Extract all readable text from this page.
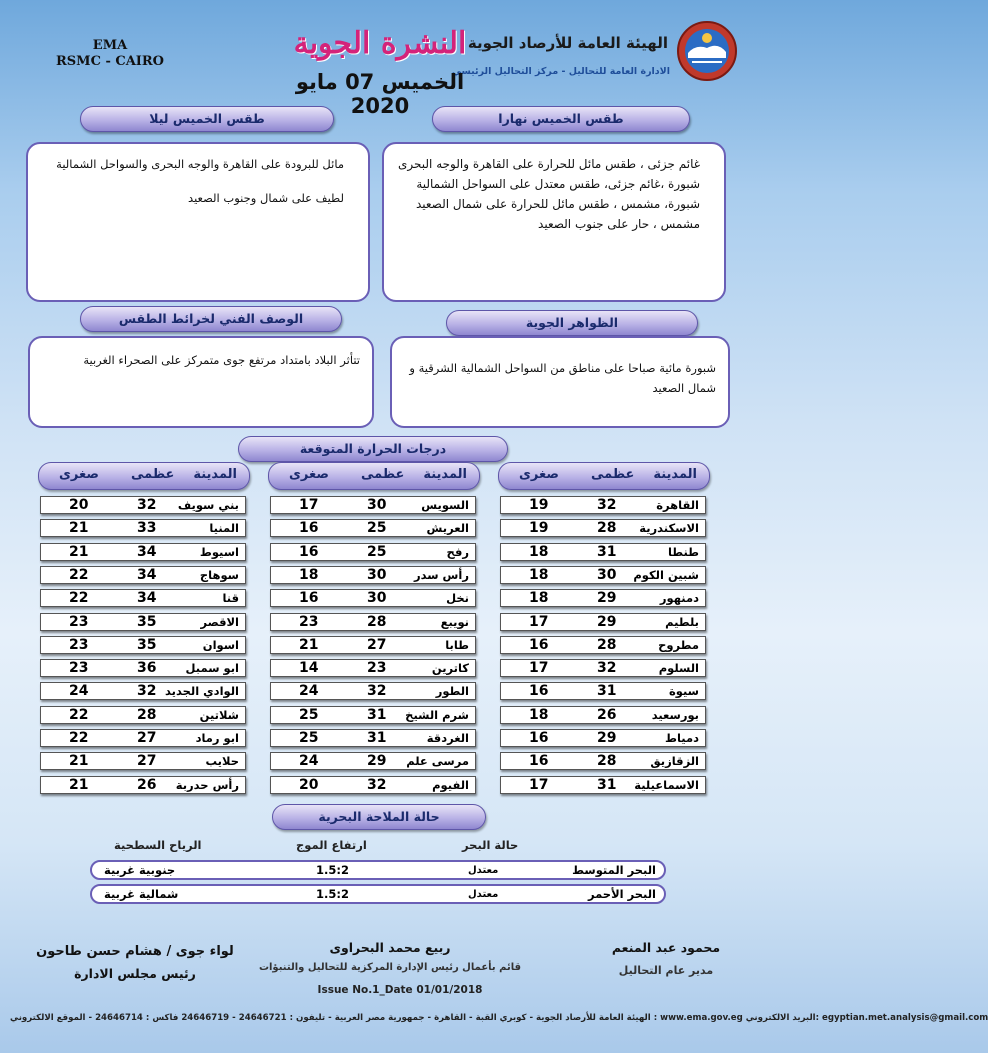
EMA
RSMC - CAIRO
الهيئة العامة للأرصاد الجوية
الادارة العامة للتحاليل - مركز التحاليل الرئيسي
النشرة الجوية
الخميس 07 مايو 2020
طقس الخميس نهارا
طقس الخميس ليلا
غائم جزئى ، طقس مائل للحرارة على القاهرة والوجه البحرى
شبورة ،غائم جزئى، طقس معتدل على السواحل الشمالية
شبورة، مشمس ، طقس مائل للحرارة على شمال الصعيد
مشمس ، حار على جنوب الصعيد
مائل للبرودة على القاهرة والوجه البحرى والسواحل الشمالية
لطيف على شمال وجنوب الصعيد
الظواهر الجوية
الوصف الفني لخرائط الطقس
شبورة مائية صباحا على مناطق من السواحل الشمالية الشرقية و شمال الصعيد
تتأثر البلاد بامتداد مرتفع جوى متمركز على الصحراء الغربية
درجات الحرارة المتوقعة
المدينة
عظمى
صغرى
القاهرة
32
19
الاسكندرية
28
19
طنطا
31
18
شبين الكوم
30
18
دمنهور
29
18
بلطيم
29
17
مطروح
28
16
السلوم
32
17
سيوة
31
16
بورسعيد
26
18
دمياط
29
16
الزقازيق
28
16
الاسماعيلية
31
17
المدينة
عظمى
صغرى
السويس
30
17
العريش
25
16
رفح
25
16
رأس سدر
30
18
نخل
30
16
نويبع
28
23
طابا
27
21
كاترين
23
14
الطور
32
24
شرم الشيخ
31
25
الغردقة
31
25
مرسى علم
29
24
الفيوم
32
20
المدينة
عظمى
صغرى
بني سويف
32
20
المنيا
33
21
اسيوط
34
21
سوهاج
34
22
قنا
34
22
الاقصر
35
23
اسوان
35
23
ابو سمبل
36
23
الوادي الجديد
32
24
شلاتين
28
22
ابو رماد
27
22
حلايب
27
21
رأس حدربة
26
21
حالة الملاحة البحرية
حالة البحر
ارتفاع الموج
الرياح السطحية
البحر المتوسط
معتدل
1.5:2
جنوبية غربية
البحر الأحمر
معتدل
1.5:2
شمالية غربية
محمود عبد المنعم
مدير عام التحاليل
ربيع محمد البحراوى
قائم بأعمال رئيس الإدارة المركزية للتحاليل والتنبؤات
لواء جوى / هشام حسن طاحون
رئيس مجلس الادارة
Issue No.1_Date 01/01/2018
الهيئة العامة للأرصاد الجوية - كوبري القبة - القاهرة - جمهورية مصر العربية - تليفون : 24646721 - 24646719 فاكس : 24646714 - الموقع الالكتروني : www.ema.gov.eg البريد الالكتروني: egyptian.met.analysis@gmail.com
